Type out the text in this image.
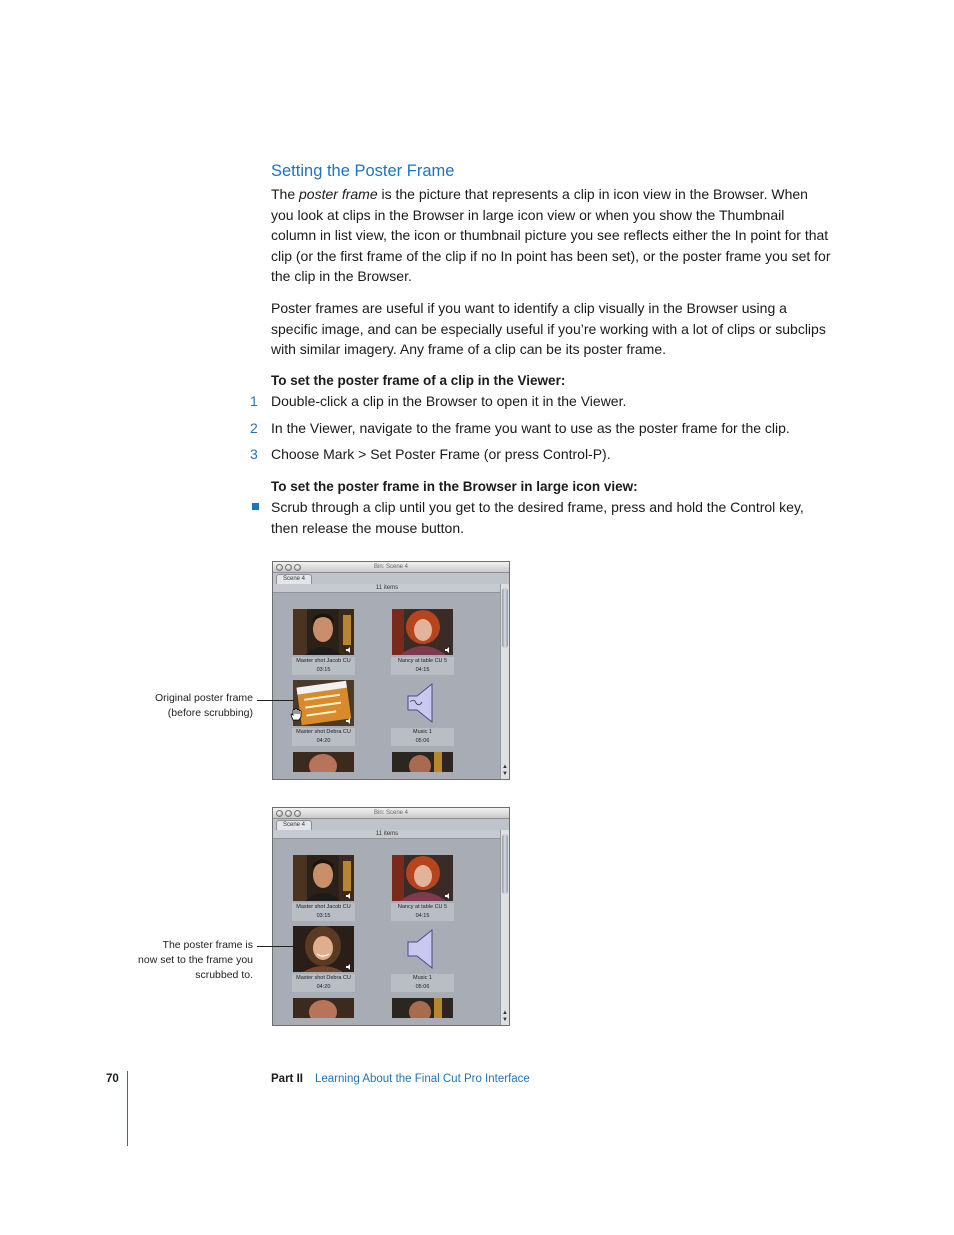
Setting the Poster Frame
The poster frame is the picture that represents a clip in icon view in the Browser. When you look at clips in the Browser in large icon view or when you show the Thumbnail column in list view, the icon or thumbnail picture you see reflects either the In point for that clip (or the first frame of the clip if no In point has been set), or the poster frame you set for the clip in the Browser.
Poster frames are useful if you want to identify a clip visually in the Browser using a specific image, and can be especially useful if you’re working with a lot of clips or subclips with similar imagery. Any frame of a clip can be its poster frame.
To set the poster frame of a clip in the Viewer:
1 Double-click a clip in the Browser to open it in the Viewer.
2 In the Viewer, navigate to the frame you want to use as the poster frame for the clip.
3 Choose Mark > Set Poster Frame (or press Control-P).
To set the poster frame in the Browser in large icon view:
Scrub through a clip until you get to the desired frame, press and hold the Control key, then release the mouse button.
Bin: Scene 4
Scene 4
11 items
▲
▼
Master shot Jacob CU
03:15
Nancy at table CU 5
04:15
Master shot Debra CU
04:20
Music 1
05:06
Original poster frame
(before scrubbing)
Bin: Scene 4
Scene 4
11 items
▲
▼
Master shot Jacob CU
03:15
Nancy at table CU 5
04:15
Master shot Debra CU
04:20
Music 1
05:06
The poster frame is
now set to the frame you
scrubbed to.
70	Part II Learning About the Final Cut Pro Interface
